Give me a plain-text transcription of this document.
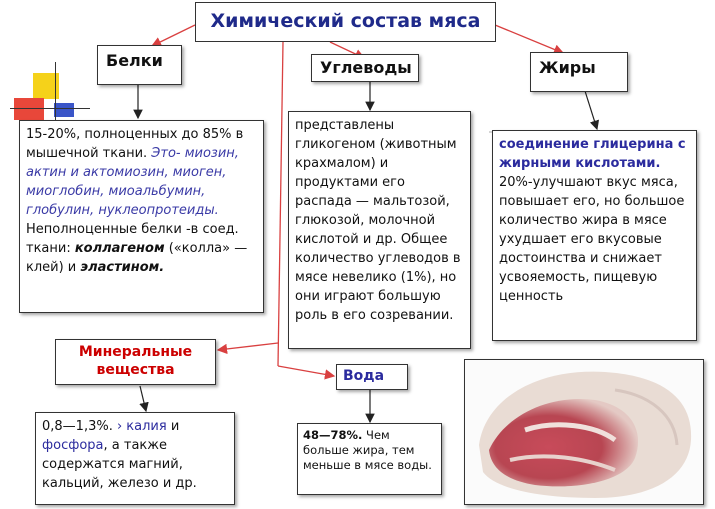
Химический состав мяса
Белки	Углеводы	Жиры
15-20%, полноценных до 85% в мышечной ткани. Это- миозин, актин и актомиозин, миоген, миоглобин, миоальбумин, глобулин, нуклеопротеиды.
Неполноценные белки -в соед. ткани: коллагеном («колла» — клей) и эластином.
представлены гликогеном (животным крахмалом) и продуктами его распада — мальтозой, глюкозой, молочной кислотой и др. Общее количество углеводов в мясе невелико (1%), но они играют большую роль в его созревании.
соединение глицерина с жирными кислотами.
20%-улучшают вкус мяса, повышает его, но большое количество жира в мясе ухудшает его вкусовые достоинства и снижает усвояемость, пищевую ценность
Минеральные вещества
0,8—1,3%. › калия и фосфора, а также содержатся магний, кальций, железо и др.
Вода
48—78%. Чем больше жира, тем меньше в мясе воды.
